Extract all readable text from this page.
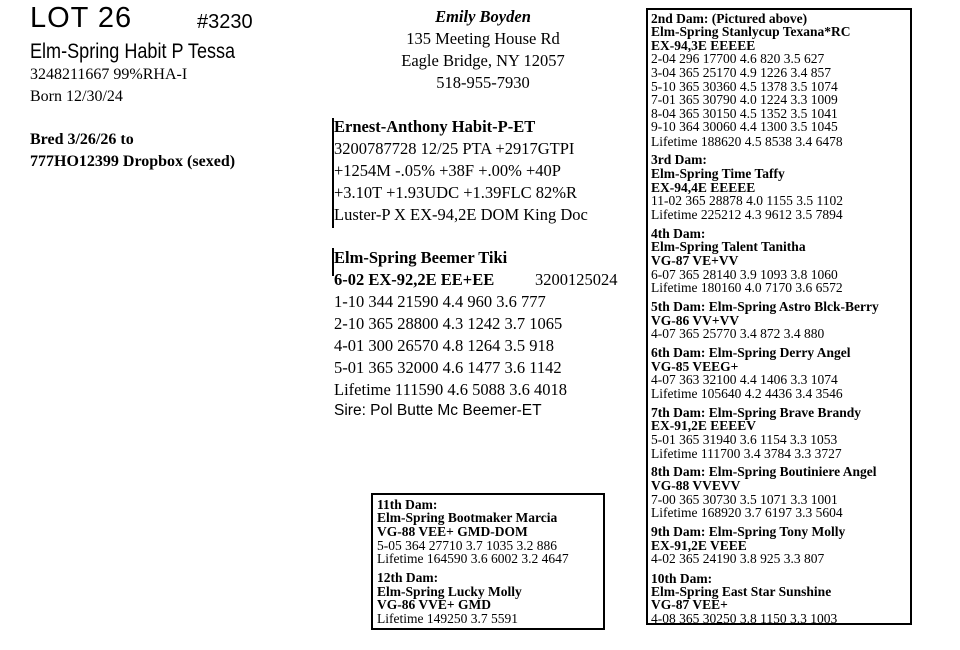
LOT 26	#3230
Elm-Spring Habit P Tessa
3248211667 99%RHA-I
Born 12/30/24
Bred 3/26/26 to
777HO12399 Dropbox (sexed)
Emily Boyden
135 Meeting House Rd
Eagle Bridge, NY 12057
518-955-7930
Ernest-Anthony Habit-P-ET
3200787728 12/25 PTA +2917GTPI
+1254M -.05% +38F +.00% +40P
+3.10T +1.93UDC +1.39FLC 82%R
Luster-P X EX-94,2E DOM King Doc
Elm-Spring Beemer Tiki
6-02 EX-92,2E EE+EE 3200125024
1-10 344 21590 4.4 960 3.6 777
2-10 365 28800 4.3 1242 3.7 1065
4-01 300 26570 4.8 1264 3.5 918
5-01 365 32000 4.6 1477 3.6 1142
Lifetime 111590 4.6 5088 3.6 4018
Sire: Pol Butte Mc Beemer-ET
2nd Dam: (Pictured above)
Elm-Spring Stanlycup Texana*RC
EX-94,3E EEEEE
2-04 296 17700 4.6 820 3.5 627
3-04 365 25170 4.9 1226 3.4 857
5-10 365 30360 4.5 1378 3.5 1074
7-01 365 30790 4.0 1224 3.3 1009
8-04 365 30150 4.5 1352 3.5 1041
9-10 364 30060 4.4 1300 3.5 1045
Lifetime 188620 4.5 8538 3.4 6478
3rd Dam:
Elm-Spring Time Taffy
EX-94,4E EEEEE
11-02 365 28878 4.0 1155 3.5 1102
Lifetime 225212 4.3 9612 3.5 7894
4th Dam:
Elm-Spring Talent Tanitha
VG-87 VE+VV
6-07 365 28140 3.9 1093 3.8 1060
Lifetime 180160 4.0 7170 3.6 6572
5th Dam: Elm-Spring Astro Blck-Berry
VG-86 VV+VV
4-07 365 25770 3.4 872 3.4 880
6th Dam: Elm-Spring Derry Angel
VG-85 VEEG+
4-07 363 32100 4.4 1406 3.3 1074
Lifetime 105640 4.2 4436 3.4 3546
7th Dam: Elm-Spring Brave Brandy
EX-91,2E EEEEV
5-01 365 31940 3.6 1154 3.3 1053
Lifetime 111700 3.4 3784 3.3 3727
8th Dam: Elm-Spring Boutiniere Angel
VG-88 VVEVV
7-00 365 30730 3.5 1071 3.3 1001
Lifetime 168920 3.7 6197 3.3 5604
9th Dam: Elm-Spring Tony Molly
EX-91,2E VEEE
4-02 365 24190 3.8 925 3.3 807
10th Dam:
Elm-Spring East Star Sunshine
VG-87 VEE+
4-08 365 30250 3.8 1150 3.3 1003
11th Dam:
Elm-Spring Bootmaker Marcia
VG-88 VEE+ GMD-DOM
5-05 364 27710 3.7 1035 3.2 886
Lifetime 164590 3.6 6002 3.2 4647
12th Dam:
Elm-Spring Lucky Molly
VG-86 VVE+ GMD
Lifetime 149250 3.7 5591
